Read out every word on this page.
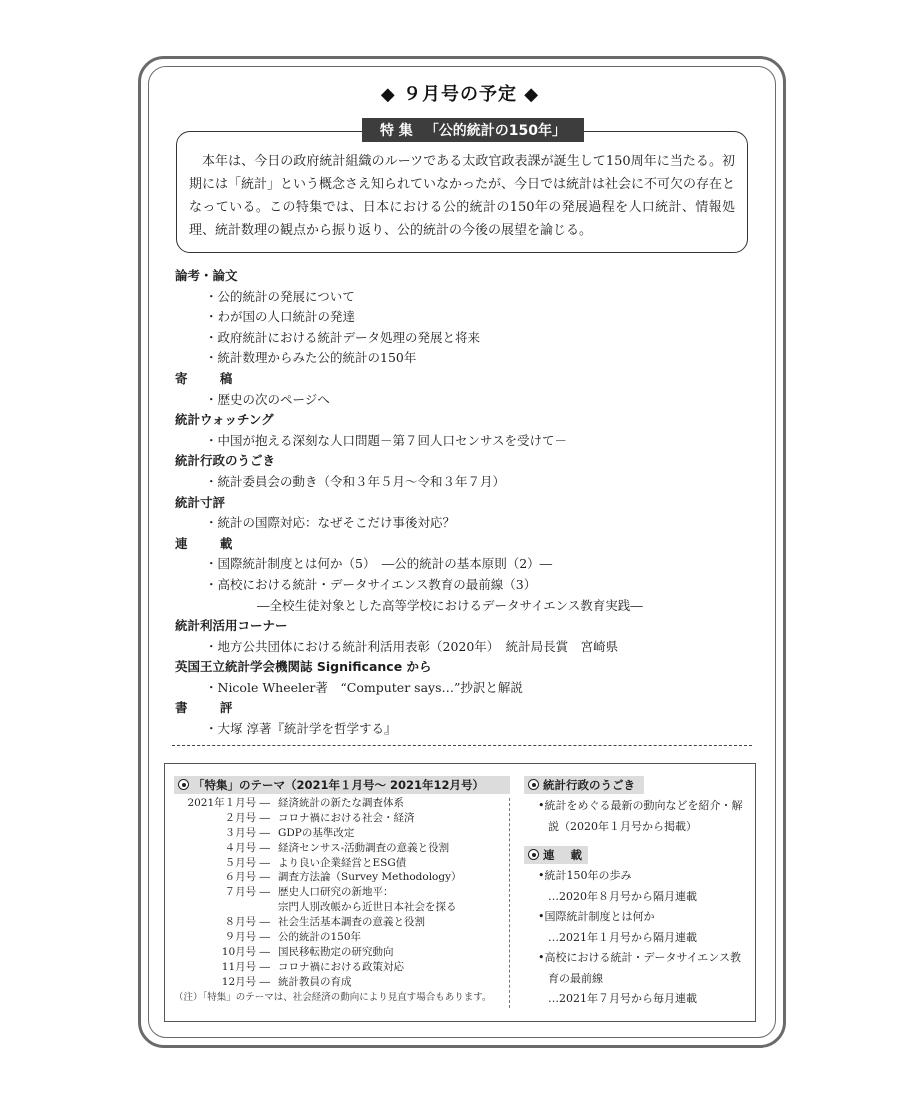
◆ ９月号の予定 ◆

本年は、今日の政府統計組織のルーツである太政官政表課が誕生して150周年に当たる。初期には「統計」という概念さえ知られていなかったが、今日では統計は社会に不可欠の存在となっている。この特集では、日本における公的統計の150年の発展過程を人口統計、情報処理、統計数理の観点から振り返り、公的統計の今後の展望を論じる。

特 集 「公的統計の150年」
論考・論文
・公的統計の発展について
・わが国の人口統計の発達
・政府統計における統計データ処理の発展と将来
・統計数理からみた公的統計の150年
寄 稿
・歴史の次のページへ
統計ウォッチング
・中国が抱える深刻な人口問題－第７回人口センサスを受けて－
統計行政のうごき
・統計委員会の動き（令和３年５月～令和３年７月）
統計寸評
・統計の国際対応：なぜそこだけ事後対応？
連 載
・国際統計制度とは何か（5）　―公的統計の基本原則（2）―
・高校における統計・データサイエンス教育の最前線（3）
―全校生徒対象とした高等学校におけるデータサイエンス教育実践―
統計利活用コーナー
・地方公共団体における統計利活用表彰（2020年）　統計局長賞　宮崎県
英国王立統計学会機関誌 Significance から
・Nicole Wheeler著　“Computer says…”抄訳と解説
書 評
・大塚 淳著『統計学を哲学する』
「特集」のテーマ（2021年１月号～ 2021年12月号）
2021年１月号 ― 経済統計の新たな調査体系
２月号 ― コロナ禍における社会・経済
３月号 ― GDPの基準改定
４月号 ― 経済センサス-活動調査の意義と役割
５月号 ― より良い企業経営とESG債
６月号 ― 調査方法論（Survey Methodology）
７月号 ― 歴史人口研究の新地平：
宗門人別改帳から近世日本社会を探る
８月号 ― 社会生活基本調査の意義と役割
９月号 ― 公的統計の150年
10月号 ― 国民移転勘定の研究動向
11月号 ― コロナ禍における政策対応
12月号 ― 統計教員の育成
（注）「特集」のテーマは、社会経済の動向により見直す場合もあります。
統計行政のうごき
•統計をめぐる最新の動向などを紹介・解説（2020年１月号から掲載）
連 載
•統計150年の歩み
…2020年８月号から隔月連載
•国際統計制度とは何か
…2021年１月号から隔月連載
•高校における統計・データサイエンス教育の最前線
…2021年７月号から毎月連載
